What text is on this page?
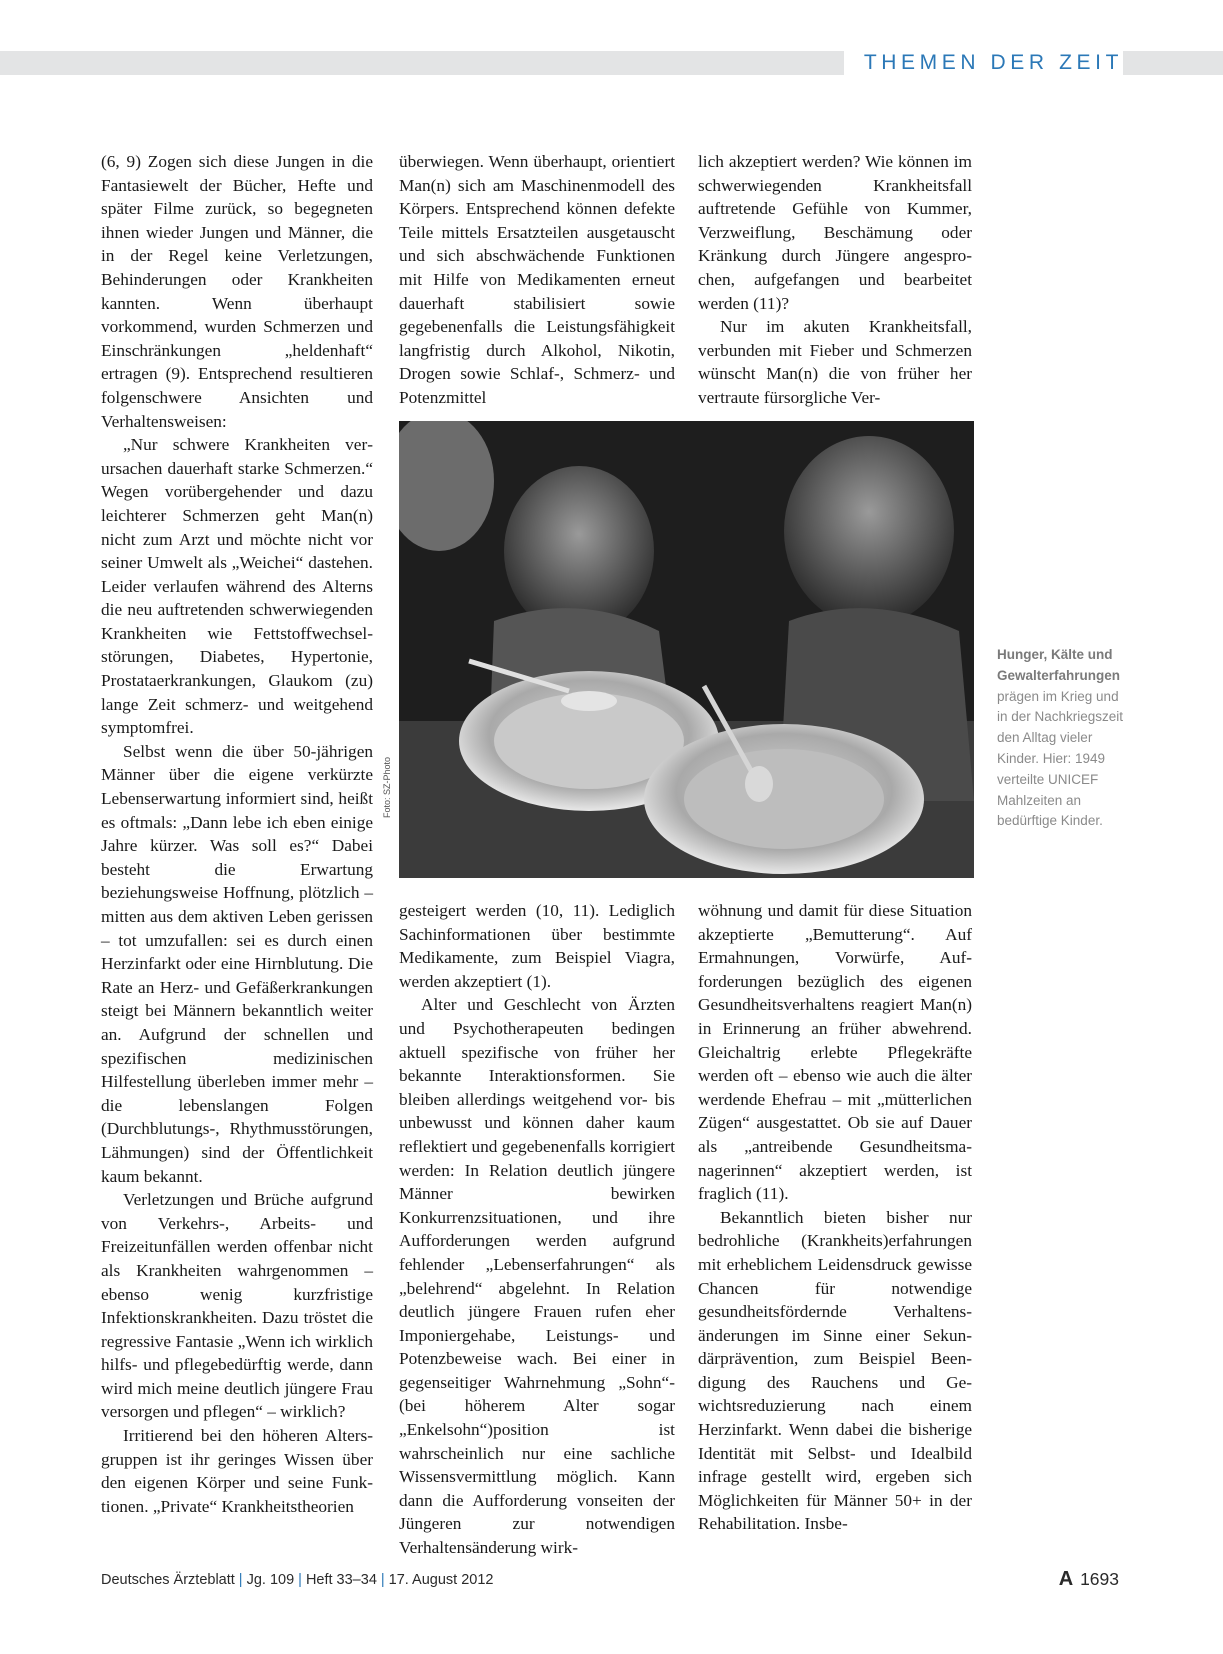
THEMEN DER ZEIT

(6, 9) Zogen sich diese Jungen in die Fantasiewelt der Bücher, Hefte und später Filme zurück, so begegneten ihnen wieder Jungen und Männer, die in der Regel keine Verletzungen, Behinderungen oder Krankheiten kannten. Wenn überhaupt vorkommend, wurden Schmerzen und Einschränkungen „heldenhaft“ ertragen (9). Entsprechend resultieren folgenschwere Ansichten und Verhaltensweisen:

„Nur schwere Krankheiten verursachen dauerhaft starke Schmerzen.“ Wegen vorübergehender und dazu leichterer Schmerzen geht Man(n) nicht zum Arzt und möchte nicht vor seiner Umwelt als „Weichei“ dastehen. Leider verlaufen während des Alterns die neu auftretenden schwerwiegenden Krankheiten wie Fettstoffwechselstörungen, Diabetes, Hypertonie, Prostataerkrankungen, Glaukom (zu) lange Zeit schmerz- und weitgehend symptomfrei.

Selbst wenn die über 50-jährigen Männer über die eigene verkürzte Lebenserwartung informiert sind, heißt es oftmals: „Dann lebe ich eben einige Jahre kürzer. Was soll es?“ Dabei besteht die Erwartung beziehungsweise Hoffnung, plötzlich – mitten aus dem aktiven Leben gerissen – tot umzufallen: sei es durch einen Herzinfarkt oder eine Hirnblutung. Die Rate an Herz- und Gefäßerkrankungen steigt bei Männern bekanntlich weiter an. Aufgrund der schnellen und spezifischen medizinischen Hilfestellung überleben immer mehr – die lebenslangen Folgen (Durchblutungs-, Rhythmusstörungen, Lähmungen) sind der Öffentlichkeit kaum bekannt.

Verletzungen und Brüche aufgrund von Verkehrs-, Arbeits- und Freizeitunfällen werden offenbar nicht als Krankheiten wahrgenommen – ebenso wenig kurzfristige Infektionskrankheiten. Dazu tröstet die regressive Fantasie „Wenn ich wirklich hilfs- und pflegebedürftig werde, dann wird mich meine deutlich jüngere Frau versorgen und pflegen“ – wirklich?

Irritierend bei den höheren Altersgruppen ist ihr geringes Wissen über den eigenen Körper und seine Funktionen. „Private“ Krankheitstheorien

überwiegen. Wenn überhaupt, orientiert Man(n) sich am Maschinenmodell des Körpers. Entsprechend können defekte Teile mittels Ersatzteilen ausgetauscht und sich abschwächende Funktionen mit Hilfe von Medikamenten erneut dauerhaft stabilisiert sowie gegebenenfalls die Leistungsfähigkeit langfristig durch Alkohol, Nikotin, Drogen sowie Schlaf-, Schmerz- und Potenzmittel

lich akzeptiert werden? Wie können im schwerwiegenden Krankheitsfall auftretende Gefühle von Kummer, Verzweiflung, Beschämung oder Kränkung durch Jüngere angesprochen, aufgefangen und bearbeitet werden (11)?

Nur im akuten Krankheitsfall, verbunden mit Fieber und Schmerzen wünscht Man(n) die von früher her vertraute fürsorgliche Ver-

Foto: SZ-Photo
Hunger, Kälte und Gewalterfahrungen prägen im Krieg und in der Nachkriegszeit den Alltag vieler Kinder. Hier: 1949 verteilte UNICEF Mahlzeiten an bedürftige Kinder.

gesteigert werden (10, 11). Lediglich Sachinformationen über bestimmte Medikamente, zum Beispiel Viagra, werden akzeptiert (1).

Alter und Geschlecht von Ärzten und Psychotherapeuten bedingen aktuell spezifische von früher her bekannte Interaktionsformen. Sie bleiben allerdings weitgehend vor- bis unbewusst und können daher kaum reflektiert und gegebenenfalls korrigiert werden: In Relation deutlich jüngere Männer bewirken Konkurrenzsituationen, und ihre Aufforderungen werden aufgrund fehlender „Lebenserfahrungen“ als „belehrend“ abgelehnt. In Relation deutlich jüngere Frauen rufen eher Imponiergehabe, Leistungs- und Potenzbeweise wach. Bei einer in gegenseitiger Wahrnehmung „Sohn“-(bei höherem Alter sogar „Enkelsohn“)position ist wahrscheinlich nur eine sachliche Wissensvermittlung möglich. Kann dann die Aufforderung vonseiten der Jüngeren zur notwendigen Verhaltensänderung wirk-

wöhnung und damit für diese Situation akzeptierte „Bemutterung“. Auf Ermahnungen, Vorwürfe, Aufforderungen bezüglich des eigenen Gesundheitsverhaltens reagiert Man(n) in Erinnerung an früher abwehrend. Gleichaltrig erlebte Pflegekräfte werden oft – ebenso wie auch die älter werdende Ehefrau – mit „mütterlichen Zügen“ ausgestattet. Ob sie auf Dauer als „antreibende Gesundheitsmanagerinnen“ akzeptiert werden, ist fraglich (11).

Bekanntlich bieten bisher nur bedrohliche (Krankheits)erfahrungen mit erheblichem Leidensdruck gewisse Chancen für notwendige gesundheitsfördernde Verhaltensänderungen im Sinne einer Sekundärprävention, zum Beispiel Beendigung des Rauchens und Gewichtsreduzierung nach einem Herzinfarkt. Wenn dabei die bisherige Identität mit Selbst- und Idealbild infrage gestellt wird, ergeben sich Möglichkeiten für Männer 50+ in der Rehabilitation. Insbe-

Deutsches Ärzteblatt | Jg. 109 | Heft 33–34 | 17. August 2012	A 1693
